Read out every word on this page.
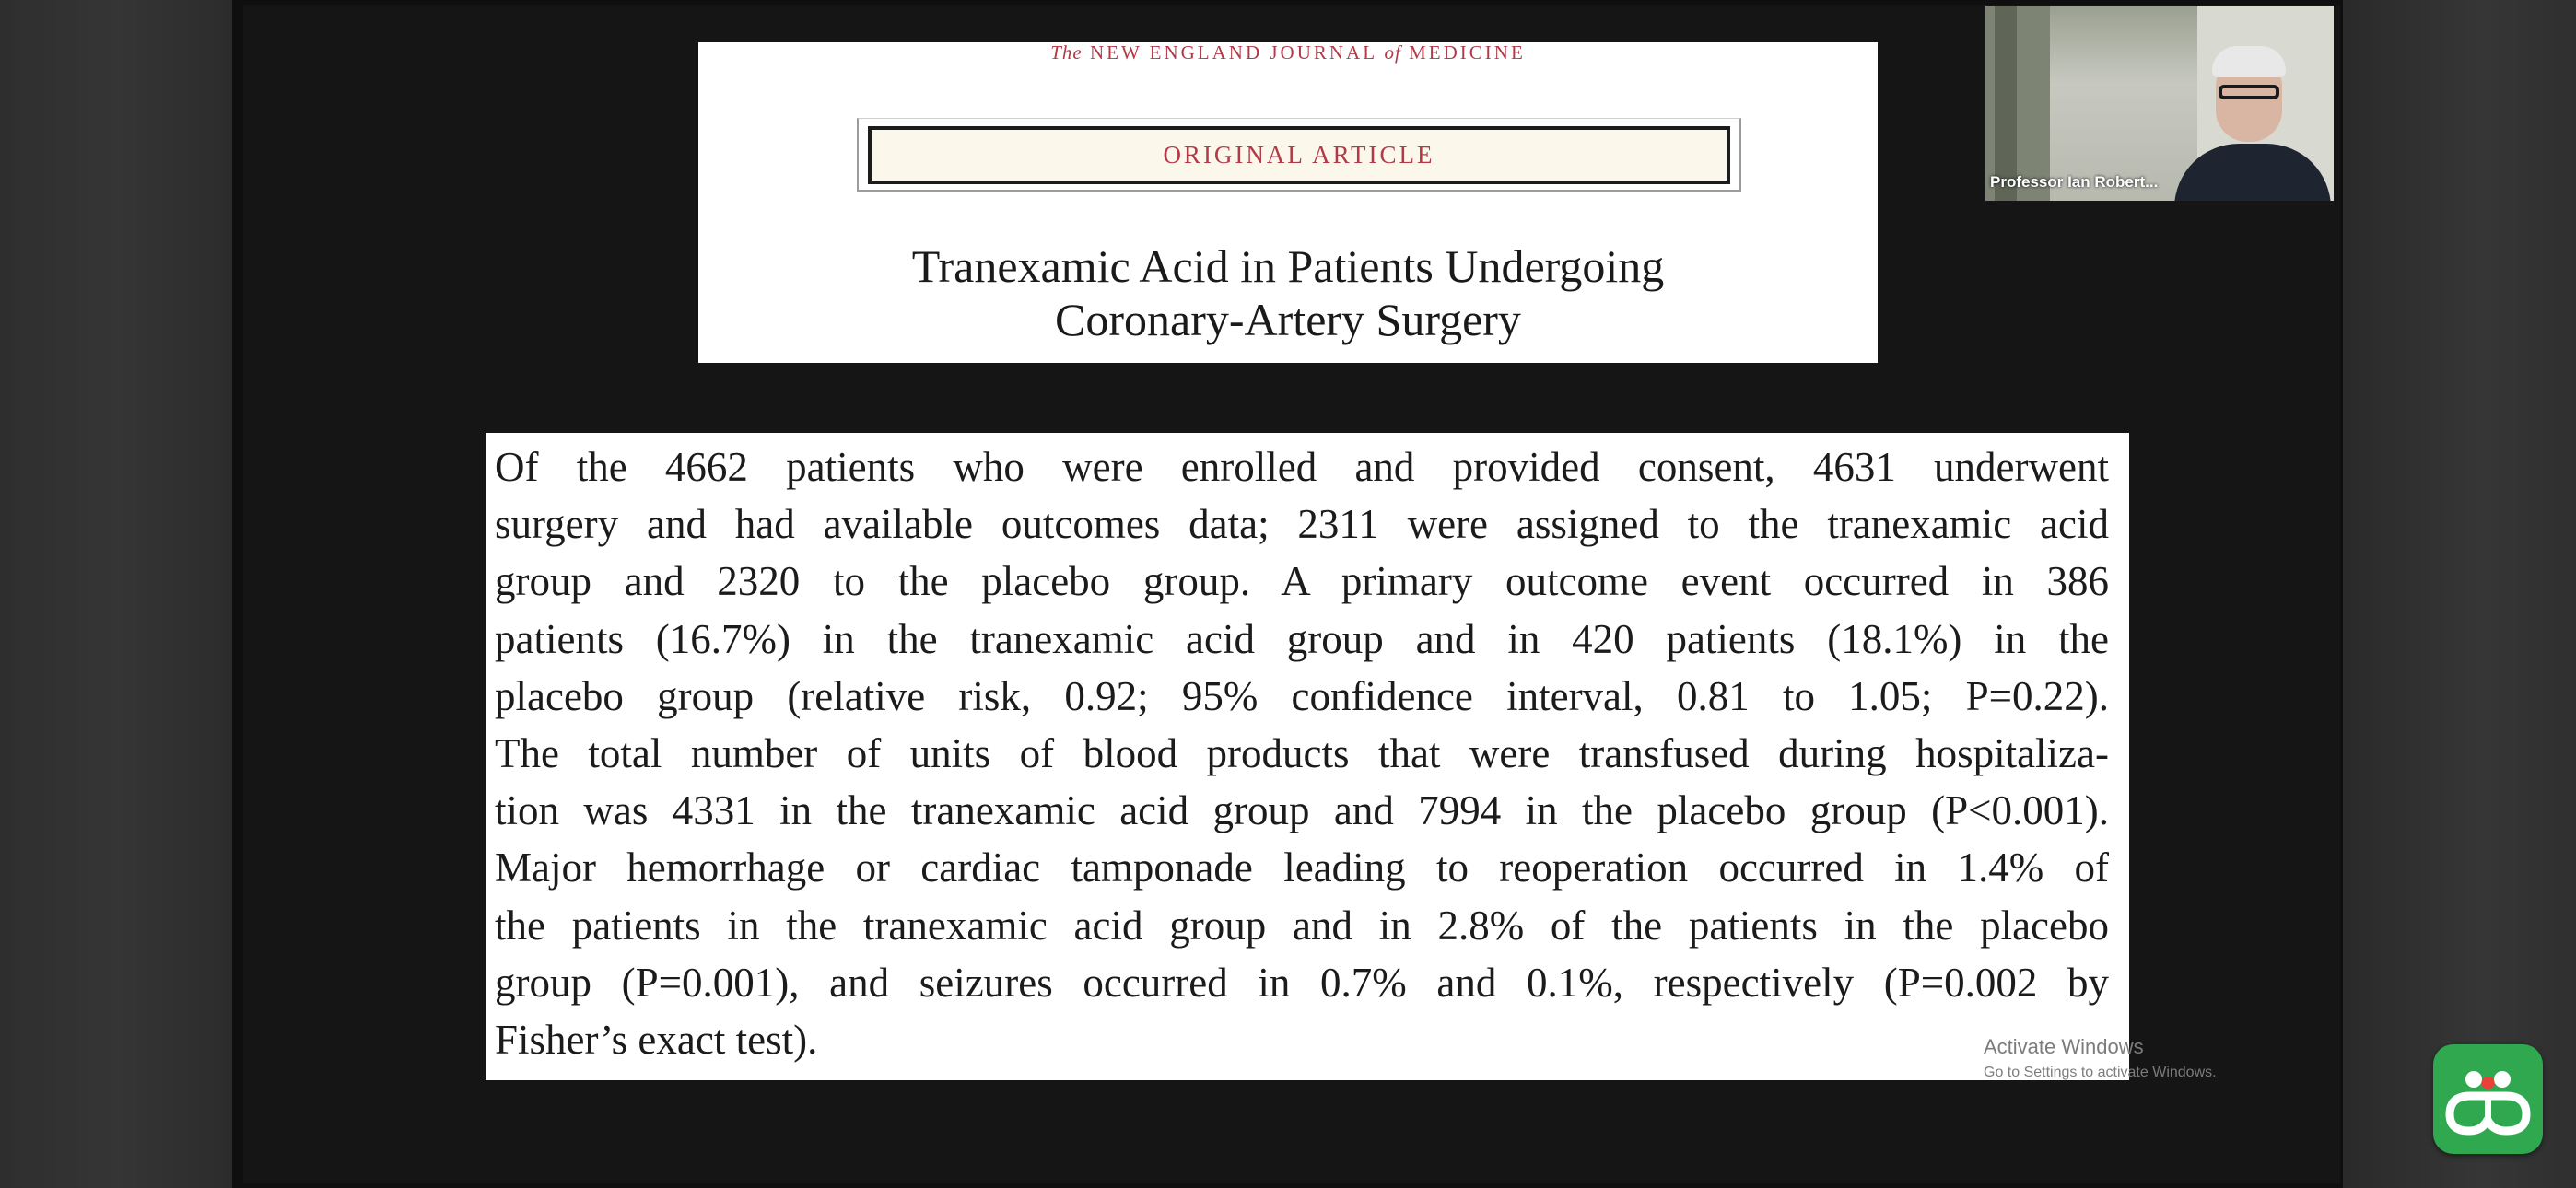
The NEW ENGLAND JOURNAL of MEDICINE
ORIGINAL ARTICLE
Tranexamic Acid in Patients Undergoing
Coronary-Artery Surgery
Of the 4662 patients who were enrolled and provided consent, 4631 underwent
surgery and had available outcomes data; 2311 were assigned to the tranexamic acid
group and 2320 to the placebo group. A primary outcome event occurred in 386
patients (16.7%) in the tranexamic acid group and in 420 patients (18.1%) in the
placebo group (relative risk, 0.92; 95% confidence interval, 0.81 to 1.05; P=0.22).
The total number of units of blood products that were transfused during hospitaliza-
tion was 4331 in the tranexamic acid group and 7994 in the placebo group (P<0.001).
Major hemorrhage or cardiac tamponade leading to reoperation occurred in 1.4% of
the patients in the tranexamic acid group and in 2.8% of the patients in the placebo
group (P=0.001), and seizures occurred in 0.7% and 0.1%, respectively (P=0.002 by
Fisher’s exact test).
Professor Ian Robert...
Activate Windows
Go to Settings to activate Windows.
